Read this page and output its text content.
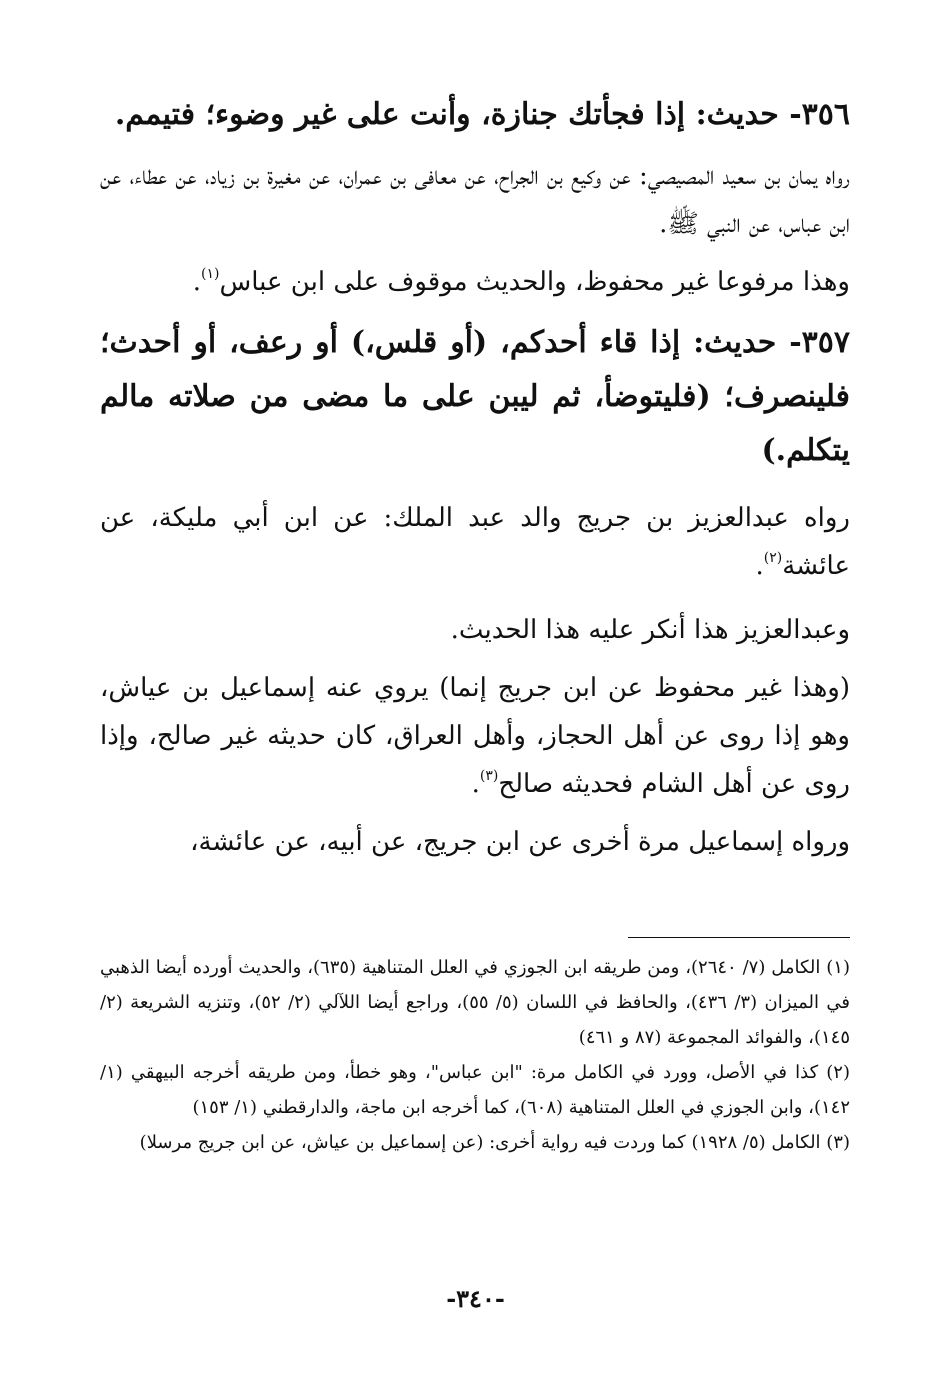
٣٥٦- حديث: إذا فجأتك جنازة، وأنت على غير وضوء؛ فتيمم.

رواه يمان بن سعيد المصيصي: عن وكيع بن الجراح، عن معافى بن عمران، عن مغيرة بن زياد، عن عطاء، عن ابن عباس، عن النبي ﷺ.

وهذا مرفوعا غير محفوظ، والحديث موقوف على ابن عباس$^{(١)}$.

٣٥٧- حديث: إذا قاء أحدكم، (أو قلس،) أو رعف، أو أحدث؛ فلينصرف؛ (فليتوضأ، ثم ليبن على ما مضى من صلاته مالم يتكلم.)

رواه عبدالعزيز بن جريج والد عبد الملك: عن ابن أبي مليكة، عن عائشة$^{(٢)}$.

وعبدالعزيز هذا أنكر عليه هذا الحديث.

(وهذا غير محفوظ عن ابن جريج إنما) يروي عنه إسماعيل بن عياش، وهو إذا روى عن أهل الحجاز، وأهل العراق، كان حديثه غير صالح، وإذا روى عن أهل الشام فحديثه صالح$^{(٣)}$.

ورواه إسماعيل مرة أخرى عن ابن جريج، عن أبيه، عن عائشة،

(١) الكامل (٧/ ٢٦٤٠)، ومن طريقه ابن الجوزي في العلل المتناهية (٦٣٥)، والحديث أورده أيضا الذهبي في الميزان (٣/ ٤٣٦)، والحافظ في اللسان (٥/ ٥٥)، وراجع أيضا اللآلي (٢/ ٥٢)، وتنزيه الشريعة (٢/ ١٤٥)، والفوائد المجموعة (٨٧ و ٤٦١)

(٢) كذا في الأصل، وورد في الكامل مرة: "ابن عباس"، وهو خطأ، ومن طريقه أخرجه البيهقي (١/ ١٤٢)، وابن الجوزي في العلل المتناهية (٦٠٨)، كما أخرجه ابن ماجة، والدارقطني (١/ ١٥٣)

(٣) الكامل (٥/ ١٩٢٨) كما وردت فيه رواية أخرى: (عن إسماعيل بن عياش، عن ابن جريج مرسلا)

-٣٤٠-
